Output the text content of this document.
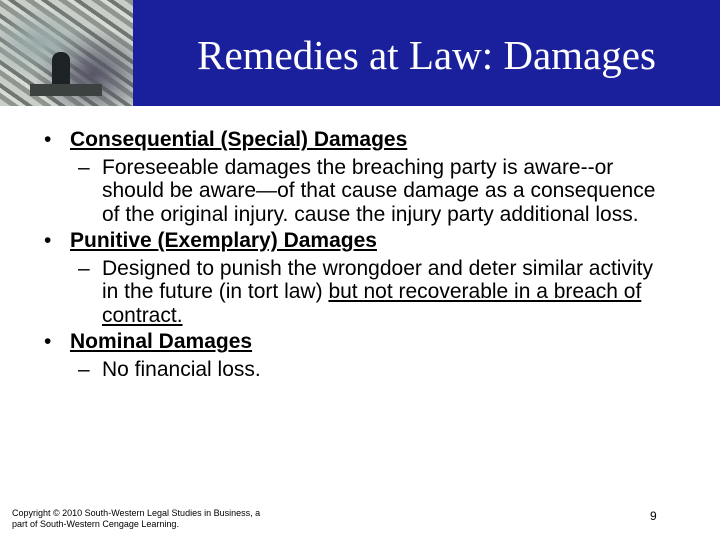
Remedies at Law: Damages
• Consequential (Special) Damages
– Foreseeable damages the breaching party is aware--or should be aware—of that cause damage as a consequence of the original injury. cause the injury party additional loss.
• Punitive (Exemplary) Damages
– Designed to punish the wrongdoer and deter similar activity in the future (in tort law) but not recoverable in a breach of contract.
• Nominal Damages
– No financial loss.
Copyright © 2010 South-Western Legal Studies in Business, a
part of South-Western Cengage Learning.
9
